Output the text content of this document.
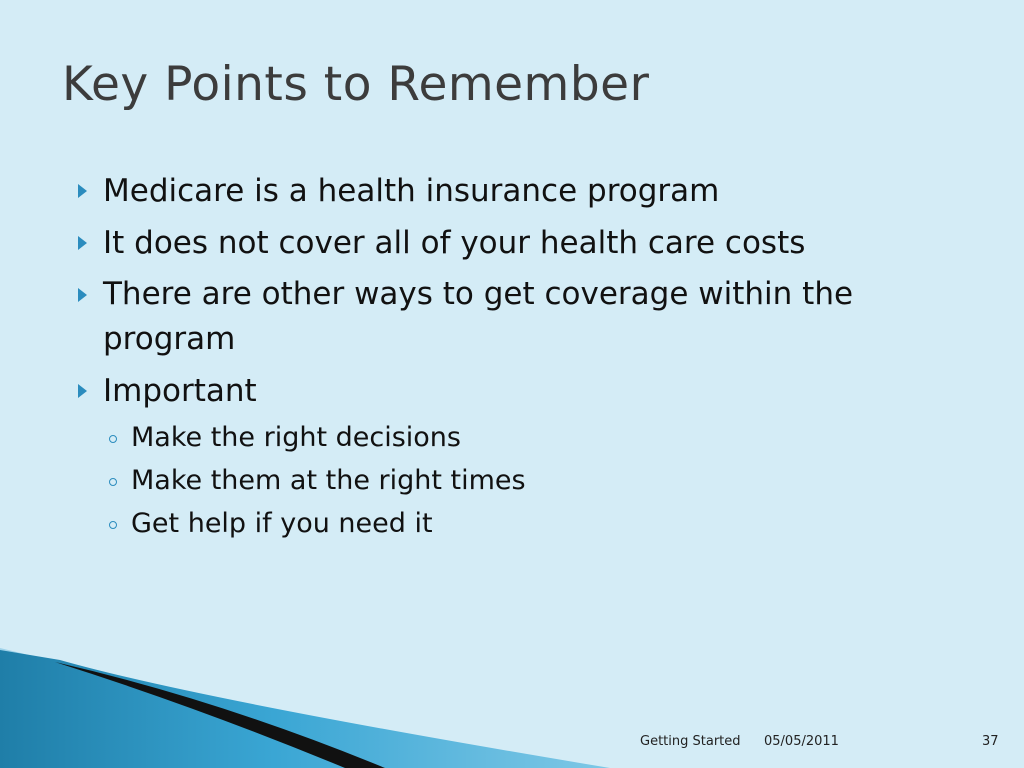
Key Points to Remember
Medicare is a health insurance program
It does not cover all of your health care costs
There are other ways to get coverage within the program
Important
Make the right decisions
Make them at the right times
Get help if you need it
Getting Started 05/05/2011	37
